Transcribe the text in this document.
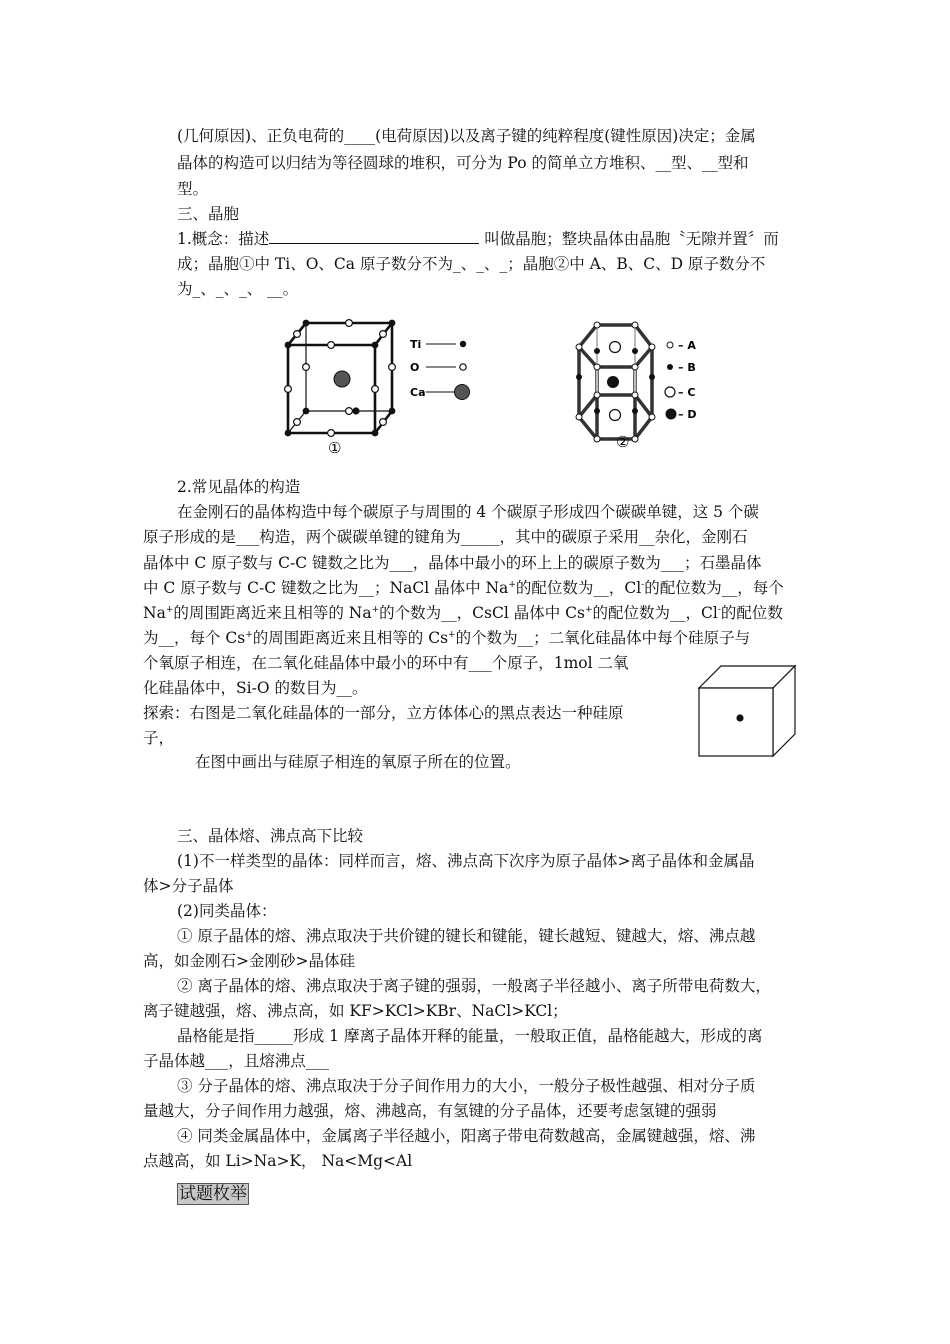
(几何原因)、正负电荷的____(电荷原因)以及离子键的纯粹程度(键性原因)决定；金属
晶体的构造可以归结为等径圆球的堆积，可分为 Po 的简单立方堆积、__型、__型和
型。
三、晶胞
1.概念：描述	叫做晶胞；整块晶体由晶胞〝无隙并置〞而
成；晶胞①中 Ti、O、Ca 原子数分不为_、_、_；晶胞②中 A、B、C、D 原子数分不
为_、_、_、 __。
Ti
O
Ca
①
– A
– B
– C
– D
②
2.常见晶体的构造
在金刚石的晶体构造中每个碳原子与周围的 4 个碳原子形成四个碳碳单键，这 5 个碳
原子形成的是___构造，两个碳碳单键的键角为_____，其中的碳原子采用__杂化，金刚石
晶体中 C 原子数与 C-C 键数之比为___，晶体中最小的环上上的碳原子数为___；石墨晶体
中 C 原子数与 C-C 键数之比为__；NaCl 晶体中 Na+的配位数为__，Cl-的配位数为__，每个
Na+的周围距离近来且相等的 Na+的个数为__，CsCl 晶体中 Cs+的配位数为__，Cl-的配位数
为__，每个 Cs+的周围距离近来且相等的 Cs+的个数为__；二氧化硅晶体中每个硅原子与
个氧原子相连，在二氧化硅晶体中最小的环中有___个原子，1mol 二氧
化硅晶体中，Si-O 的数目为__。
探索：右图是二氧化硅晶体的一部分，立方体体心的黑点表达一种硅原
子，
在图中画出与硅原子相连的氧原子所在的位置。
三、晶体熔、沸点高下比较
(1)不一样类型的晶体：同样而言，熔、沸点高下次序为原子晶体>离子晶体和金属晶
体>分子晶体
(2)同类晶体：
① 原子晶体的熔、沸点取决于共价键的键长和键能，键长越短、键越大，熔、沸点越
高，如金刚石>金刚砂>晶体硅
② 离子晶体的熔、沸点取决于离子键的强弱，一般离子半径越小、离子所带电荷数大，
离子键越强，熔、沸点高，如 KF>KCl>KBr、NaCl>KCl；
晶格能是指_____形成 1 摩离子晶体开释的能量，一般取正值，晶格能越大，形成的离
子晶体越___，且熔沸点___
③ 分子晶体的熔、沸点取决于分子间作用力的大小，一般分子极性越强、相对分子质
量越大，分子间作用力越强，熔、沸越高，有氢键的分子晶体，还要考虑氢键的强弱
④ 同类金属晶体中，金属离子半径越小，阳离子带电荷数越高，金属键越强，熔、沸
点越高，如 Li>Na>K， Na<Mg<Al
试题枚举
